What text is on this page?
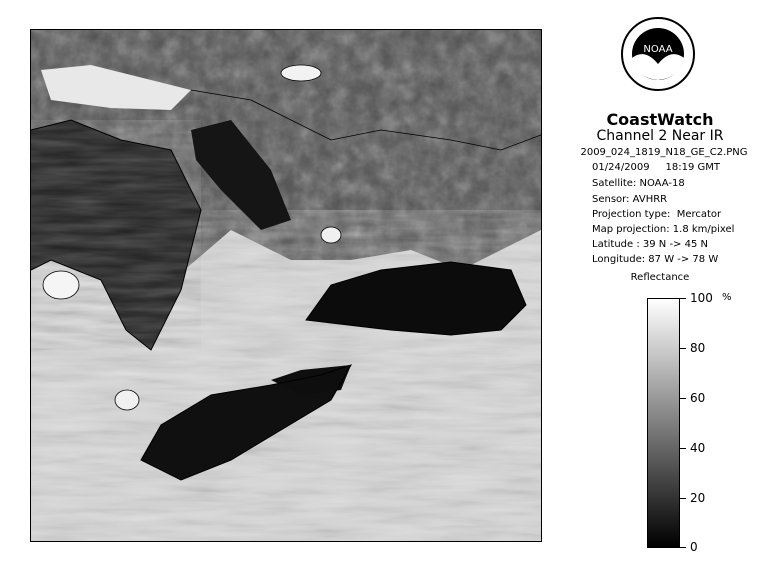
NOAA
CoastWatch
Channel 2 Near IR
2009_024_1819_N18_GE_C2.PNG
01/24/2009     18:19 GMT
Satellite: NOAA-18
Sensor: AVHRR
Projection type:  Mercator
Map projection: 1.8 km/pixel
Latitude : 39 N -> 45 N
Longitude: 87 W -> 78 W
Reflectance
%
100
80
60
40
20
0
